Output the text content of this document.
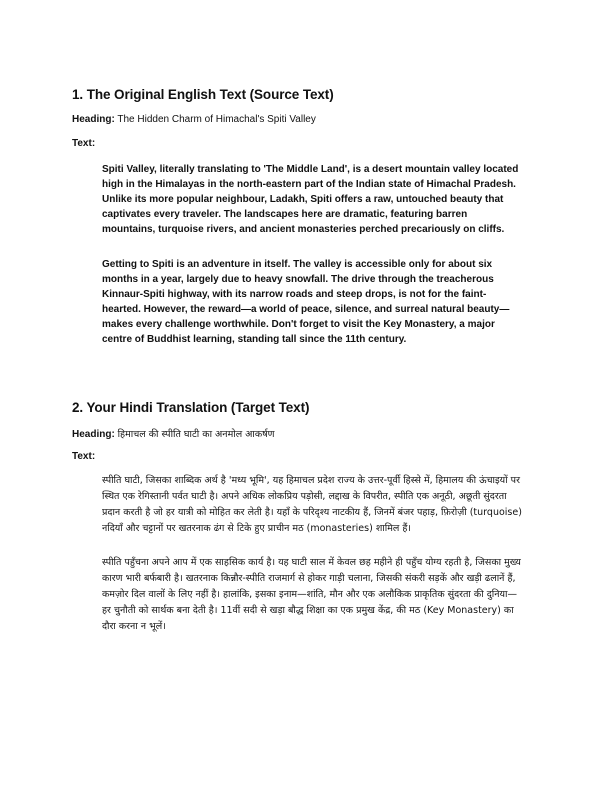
1. The Original English Text (Source Text)
Heading: The Hidden Charm of Himachal's Spiti Valley
Text:

Spiti Valley, literally translating to 'The Middle Land', is a desert mountain valley located high in the Himalayas in the north-eastern part of the Indian state of Himachal Pradesh. Unlike its more popular neighbour, Ladakh, Spiti offers a raw, untouched beauty that captivates every traveler. The landscapes here are dramatic, featuring barren mountains, turquoise rivers, and ancient monasteries perched precariously on cliffs.

Getting to Spiti is an adventure in itself. The valley is accessible only for about six months in a year, largely due to heavy snowfall. The drive through the treacherous Kinnaur-Spiti highway, with its narrow roads and steep drops, is not for the faint-hearted. However, the reward—a world of peace, silence, and surreal natural beauty—makes every challenge worthwhile. Don't forget to visit the Key Monastery, a major centre of Buddhist learning, standing tall since the 11th century.

2. Your Hindi Translation (Target Text)
Heading: हिमाचल की स्पीति घाटी का अनमोल आकर्षण
Text:

स्पीति घाटी, जिसका शाब्दिक अर्थ है 'मध्य भूमि', यह हिमाचल प्रदेश राज्य के उत्तर-पूर्वी हिस्से में, हिमालय की ऊंचाइयों पर स्थित एक रेगिस्तानी पर्वत घाटी है। अपने अधिक लोकप्रिय पड़ोसी, लद्दाख के विपरीत, स्पीति एक अनूठी, अछूती सुंदरता प्रदान करती है जो हर यात्री को मोहित कर लेती है। यहाँ के परिदृश्य नाटकीय हैं, जिनमें बंजर पहाड़, फ़िरोज़ी (turquoise) नदियाँ और चट्टानों पर खतरनाक ढंग से टिके हुए प्राचीन मठ (monasteries) शामिल हैं।

स्पीति पहुँचना अपने आप में एक साहसिक कार्य है। यह घाटी साल में केवल छह महीने ही पहुँच योग्य रहती है, जिसका मुख्य कारण भारी बर्फबारी है। खतरनाक किन्नौर-स्पीति राजमार्ग से होकर गाड़ी चलाना, जिसकी संकरी सड़कें और खड़ी ढलानें हैं, कमज़ोर दिल वालों के लिए नहीं है। हालांकि, इसका इनाम—शांति, मौन और एक अलौकिक प्राकृतिक सुंदरता की दुनिया—हर चुनौती को सार्थक बना देती है। 11वीं सदी से खड़ा बौद्ध शिक्षा का एक प्रमुख केंद्र, की मठ (Key Monastery) का दौरा करना न भूलें।
